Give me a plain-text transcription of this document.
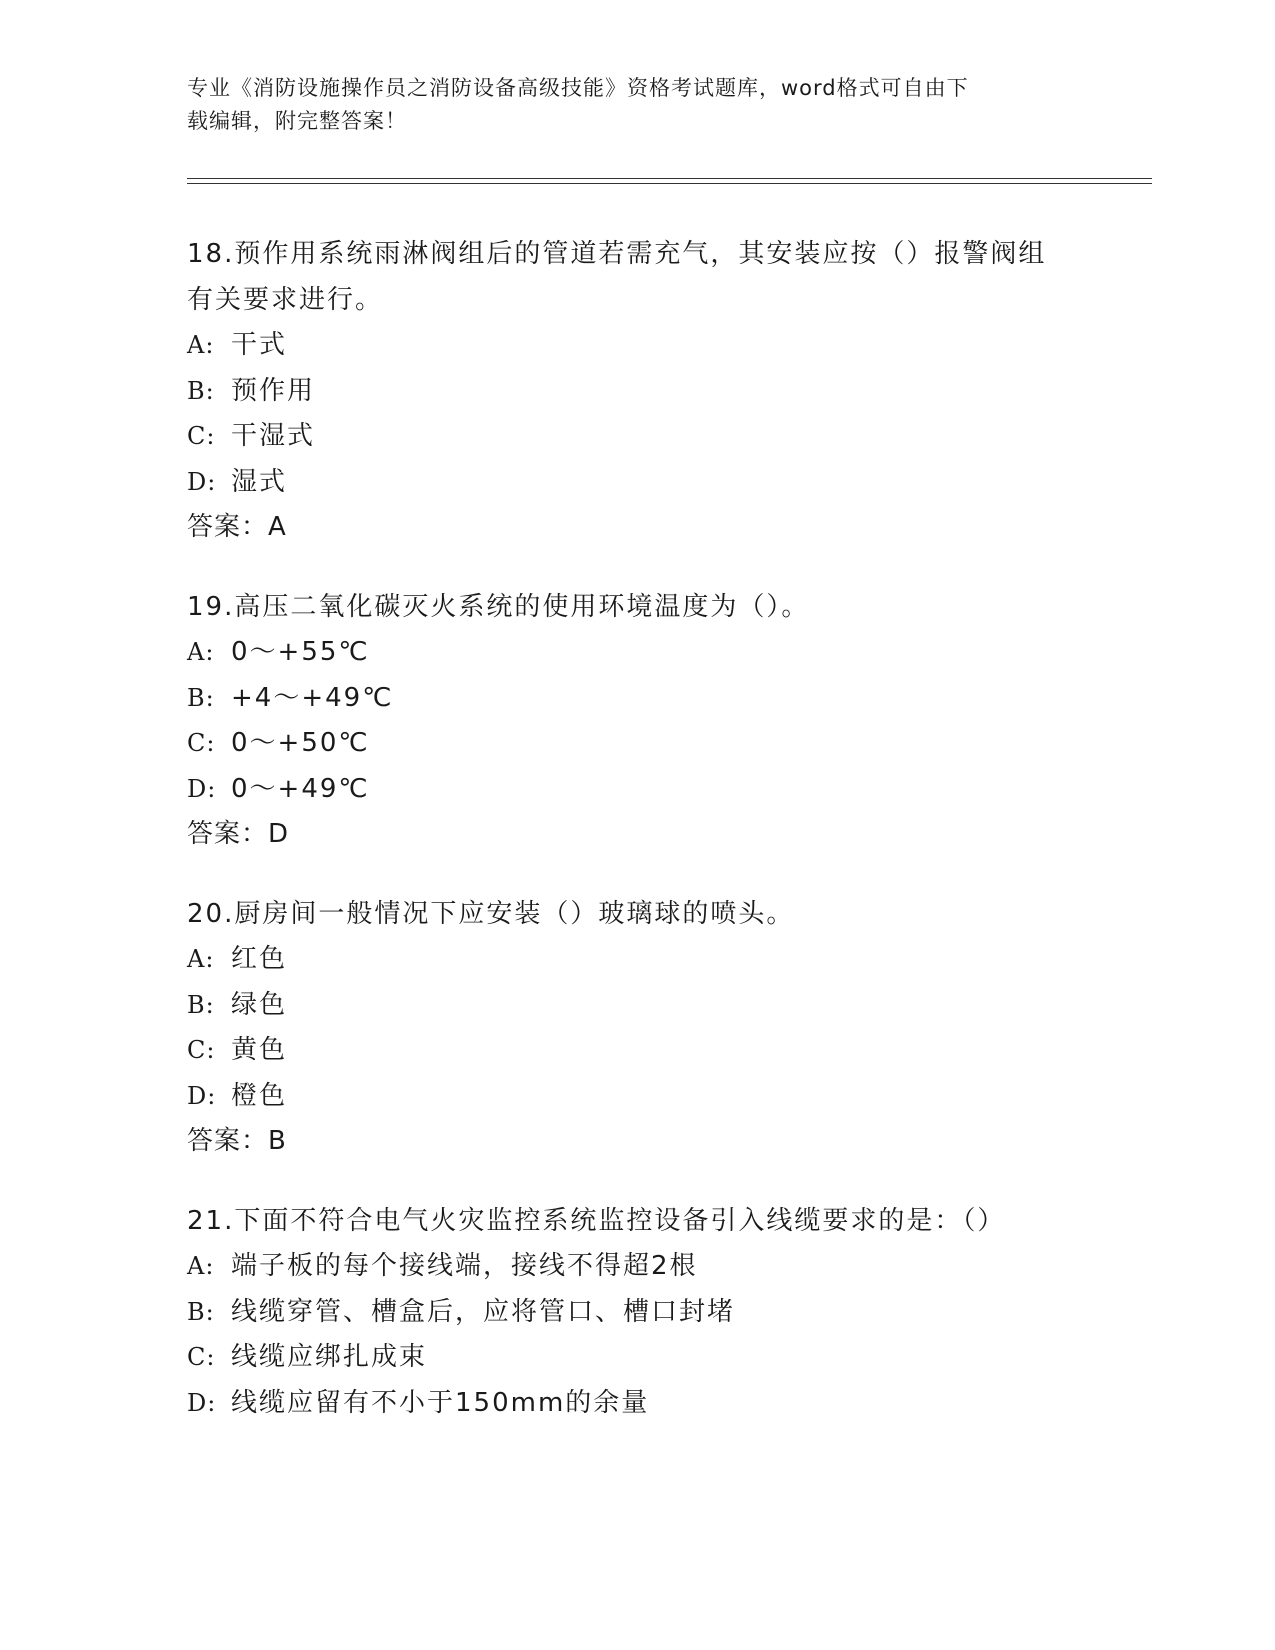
专业《消防设施操作员之消防设备高级技能》资格考试题库，word格式可自由下
载编辑，附完整答案！
18.预作用系统雨淋阀组后的管道若需充气，其安装应按（）报警阀组
有关要求进行。
A: 干式
B: 预作用
C: 干湿式
D: 湿式
答案：A
19.高压二氧化碳灭火系统的使用环境温度为（）。
A: 0～+55℃
B: +4～+49℃
C: 0～+50℃
D: 0～+49℃
答案：D
20.厨房间一般情况下应安装（）玻璃球的喷头。
A: 红色
B: 绿色
C: 黄色
D: 橙色
答案：B
21.下面不符合电气火灾监控系统监控设备引入线缆要求的是：（）
A: 端子板的每个接线端，接线不得超2根
B: 线缆穿管、槽盒后，应将管口、槽口封堵
C: 线缆应绑扎成束
D: 线缆应留有不小于150mm的余量
